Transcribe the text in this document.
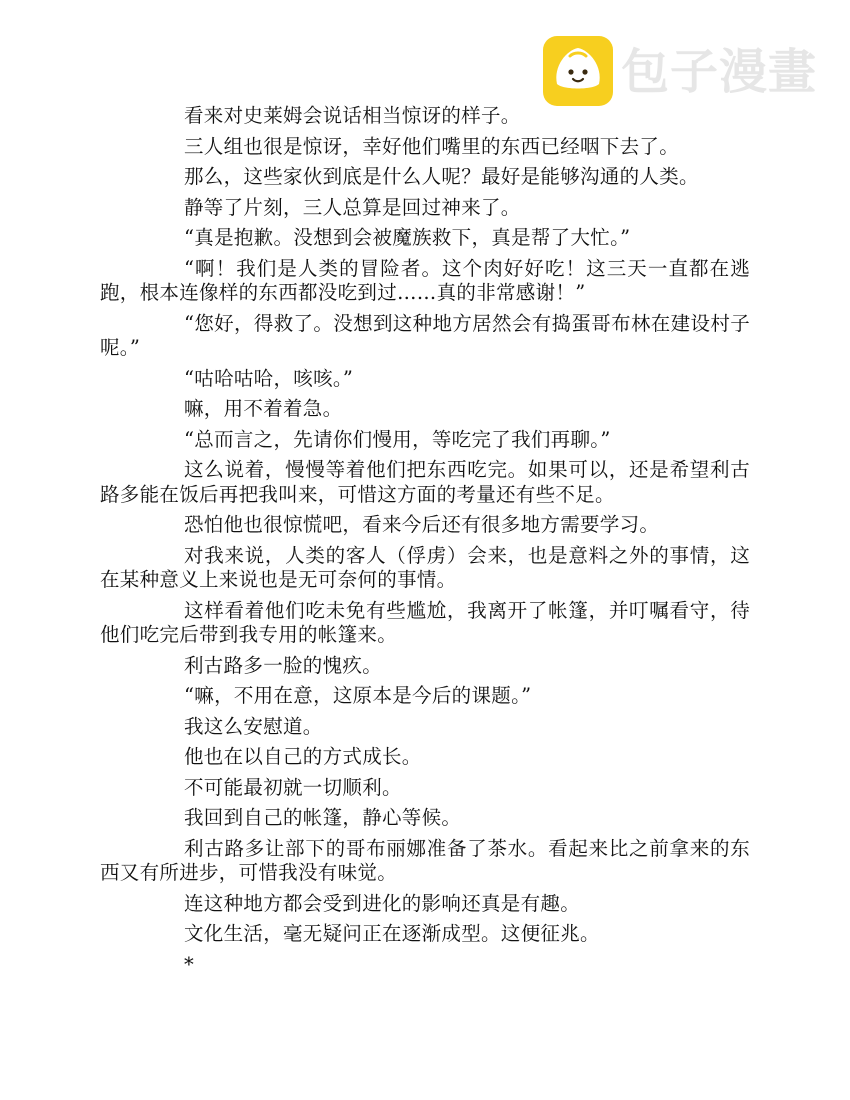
包子漫畫

看来对史莱姆会说话相当惊讶的样子。

三人组也很是惊讶，幸好他们嘴里的东西已经咽下去了。

那么，这些家伙到底是什么人呢？最好是能够沟通的人类。

静等了片刻，三人总算是回过神来了。

“真是抱歉。没想到会被魔族救下，真是帮了大忙。”

“啊！我们是人类的冒险者。这个肉好好吃！这三天一直都在逃跑，根本连像样的东西都没吃到过……真的非常感谢！”

“您好，得救了。没想到这种地方居然会有捣蛋哥布林在建设村子呢。”

“咕哈咕哈，咳咳。”

嘛，用不着着急。

“总而言之，先请你们慢用，等吃完了我们再聊。”

这么说着，慢慢等着他们把东西吃完。如果可以，还是希望利古路多能在饭后再把我叫来，可惜这方面的考量还有些不足。

恐怕他也很惊慌吧，看来今后还有很多地方需要学习。

对我来说，人类的客人（俘虏）会来，也是意料之外的事情，这在某种意义上来说也是无可奈何的事情。

这样看着他们吃未免有些尴尬，我离开了帐篷，并叮嘱看守，待他们吃完后带到我专用的帐篷来。

利古路多一脸的愧疚。

“嘛，不用在意，这原本是今后的课题。”

我这么安慰道。

他也在以自己的方式成长。

不可能最初就一切顺利。

我回到自己的帐篷，静心等候。

利古路多让部下的哥布丽娜准备了茶水。看起来比之前拿来的东西又有所进步，可惜我没有味觉。

连这种地方都会受到进化的影响还真是有趣。

文化生活，毫无疑问正在逐渐成型。这便征兆。

*
